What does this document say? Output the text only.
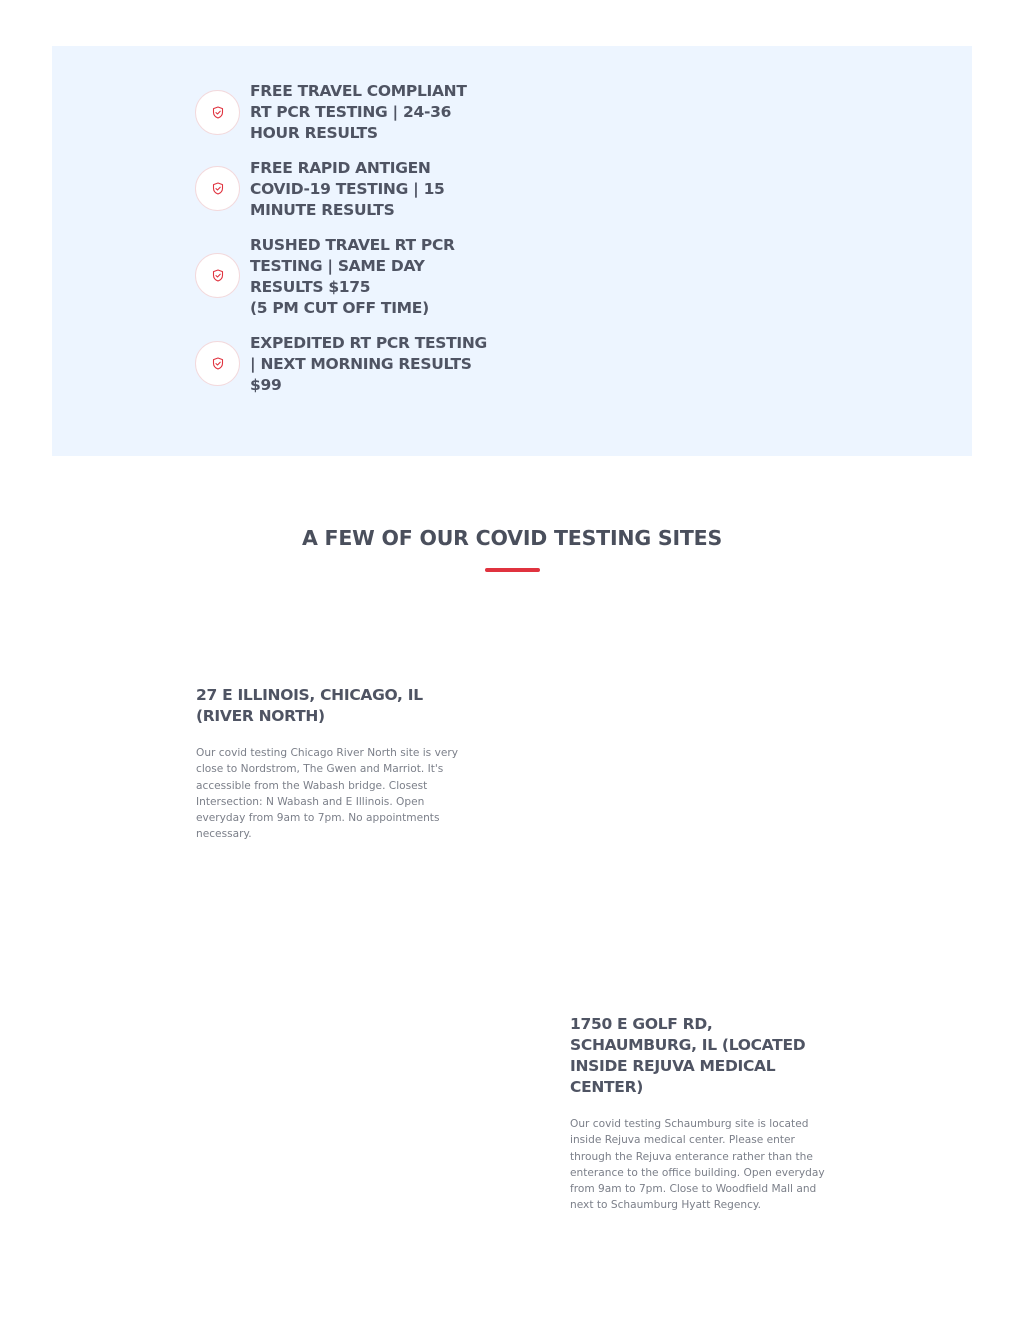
FREE TRAVEL COMPLIANT
RT PCR TESTING | 24-36
HOUR RESULTS
FREE RAPID ANTIGEN
COVID-19 TESTING | 15
MINUTE RESULTS
RUSHED TRAVEL RT PCR
TESTING | SAME DAY
RESULTS $175
(5 PM CUT OFF TIME)
EXPEDITED RT PCR TESTING
| NEXT MORNING RESULTS
$99
A FEW OF OUR COVID TESTING SITES
27 E ILLINOIS, CHICAGO, IL (RIVER NORTH)

Our covid testing Chicago River North site is very close to Nordstrom, The Gwen and Marriot. It's accessible from the Wabash bridge. Closest Intersection: N Wabash and E Illinois. Open everyday from 9am to 7pm. No appointments necessary.

1750 E GOLF RD, SCHAUMBURG, IL (LOCATED INSIDE REJUVA MEDICAL CENTER)

Our covid testing Schaumburg site is located inside Rejuva medical center. Please enter through the Rejuva enterance rather than the enterance to the office building. Open everyday from 9am to 7pm. Close to Woodfield Mall and next to Schaumburg Hyatt Regency.
